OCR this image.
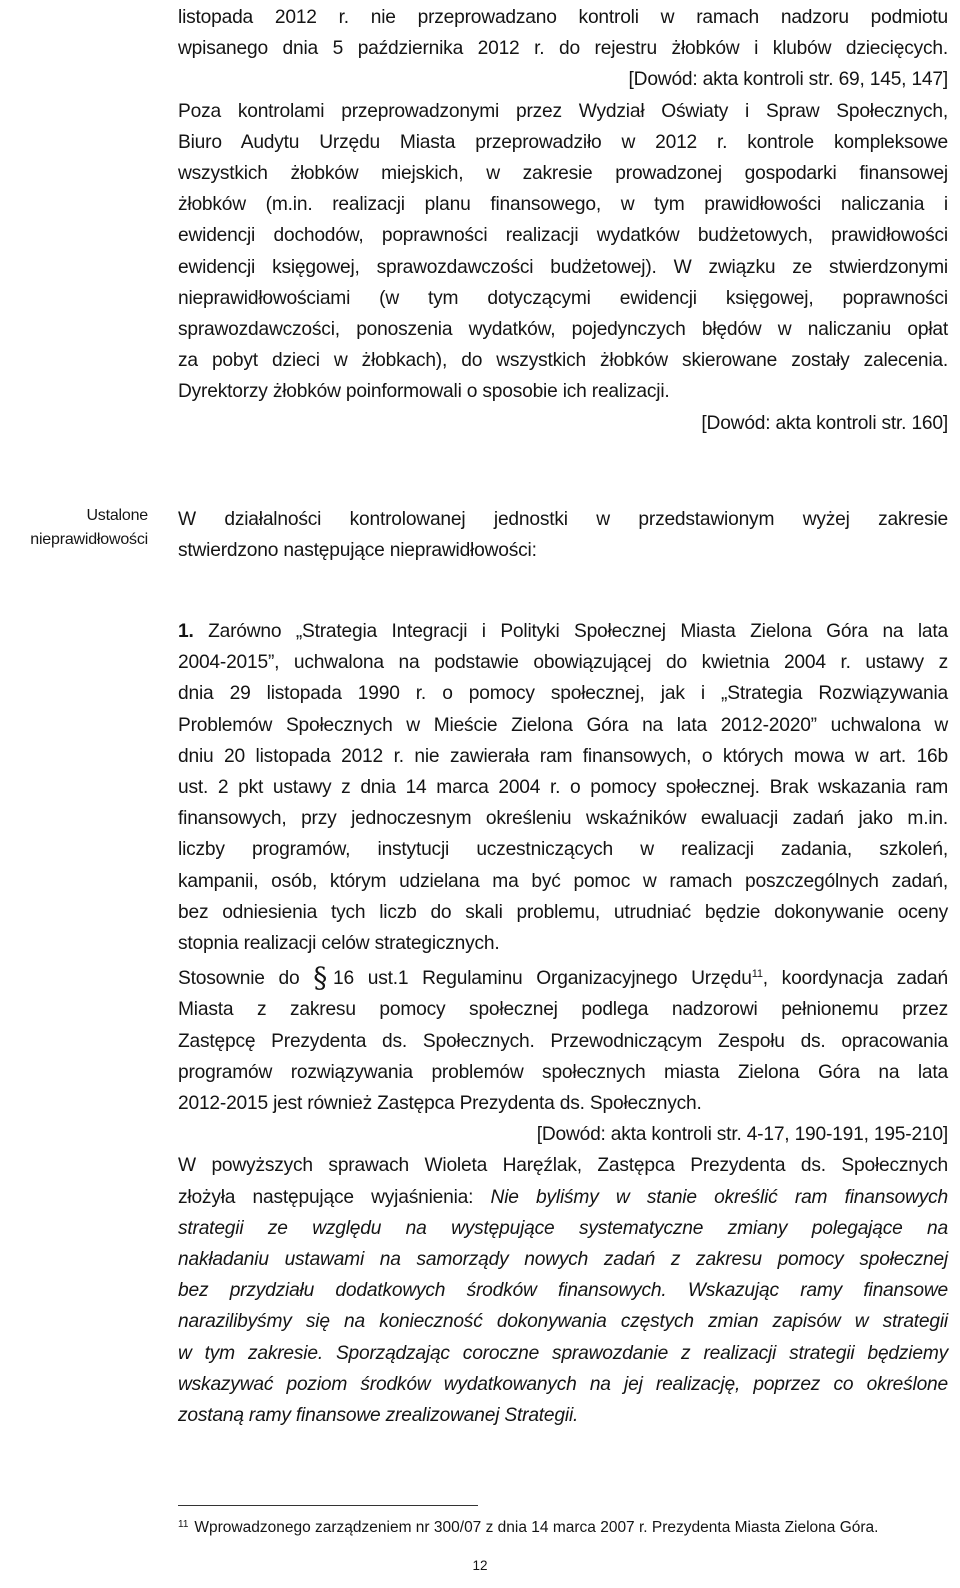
listopada 2012 r. nie przeprowadzano kontroli w ramach nadzoru podmiotu
wpisanego dnia 5 października 2012 r. do rejestru żłobków i klubów dziecięcych.
[Dowód: akta kontroli str. 69, 145, 147]
Poza kontrolami przeprowadzonymi przez Wydział Oświaty i Spraw Społecznych,
Biuro Audytu Urzędu Miasta przeprowadziło w 2012 r. kontrole kompleksowe
wszystkich żłobków miejskich, w zakresie prowadzonej gospodarki finansowej
żłobków (m.in. realizacji planu finansowego, w tym prawidłowości naliczania i
ewidencji dochodów, poprawności realizacji wydatków budżetowych, prawidłowości
ewidencji księgowej, sprawozdawczości budżetowej). W związku ze stwierdzonymi
nieprawidłowościami (w tym dotyczącymi ewidencji księgowej, poprawności
sprawozdawczości, ponoszenia wydatków, pojedynczych błędów w naliczaniu opłat
za pobyt dzieci w żłobkach), do wszystkich żłobków skierowane zostały zalecenia.
Dyrektorzy żłobków poinformowali o sposobie ich realizacji.
[Dowód: akta kontroli str. 160]
Ustalone
nieprawidłowości
W działalności kontrolowanej jednostki w przedstawionym wyżej zakresie
stwierdzono następujące nieprawidłowości:
1. Zarówno „Strategia Integracji i Polityki Społecznej Miasta Zielona Góra na lata
2004-2015”, uchwalona na podstawie obowiązującej do kwietnia 2004 r. ustawy z
dnia 29 listopada 1990 r. o pomocy społecznej, jak i „Strategia Rozwiązywania
Problemów Społecznych w Mieście Zielona Góra na lata 2012-2020” uchwalona w
dniu 20 listopada 2012 r. nie zawierała ram finansowych, o których mowa w art. 16b
ust. 2 pkt ustawy z dnia 14 marca 2004 r. o pomocy społecznej. Brak wskazania ram
finansowych, przy jednoczesnym określeniu wskaźników ewaluacji zadań jako m.in.
liczby programów, instytucji uczestniczących w realizacji zadania, szkoleń,
kampanii, osób, którym udzielana ma być pomoc w ramach poszczególnych zadań,
bez odniesienia tych liczb do skali problemu, utrudniać będzie dokonywanie oceny
stopnia realizacji celów strategicznych.
Stosownie do § 16 ust.1 Regulaminu Organizacyjnego Urzędu$^{11}$, koordynacja zadań
Miasta z zakresu pomocy społecznej podlega nadzorowi pełnionemu przez
Zastępcę Prezydenta ds. Społecznych. Przewodniczącym Zespołu ds. opracowania
programów rozwiązywania problemów społecznych miasta Zielona Góra na lata
2012-2015 jest również Zastępca Prezydenta ds. Społecznych.
[Dowód: akta kontroli str. 4-17, 190-191, 195-210]
W powyższych sprawach Wioleta Haręźlak, Zastępca Prezydenta ds. Społecznych
złożyła następujące wyjaśnienia: Nie byliśmy w stanie określić ram finansowych
strategii ze względu na występujące systematyczne zmiany polegające na
nakładaniu ustawami na samorządy nowych zadań z zakresu pomocy społecznej
bez przydziału dodatkowych środków finansowych. Wskazując ramy finansowe
narazilibyśmy się na konieczność dokonywania częstych zmian zapisów w strategii
w tym zakresie. Sporządzając coroczne sprawozdanie z realizacji strategii będziemy
wskazywać poziom środków wydatkowanych na jej realizację, poprzez co określone
zostaną ramy finansowe zrealizowanej Strategii.
$^{11}$ Wprowadzonego zarządzeniem nr 300/07 z dnia 14 marca 2007 r. Prezydenta Miasta Zielona Góra.
12
